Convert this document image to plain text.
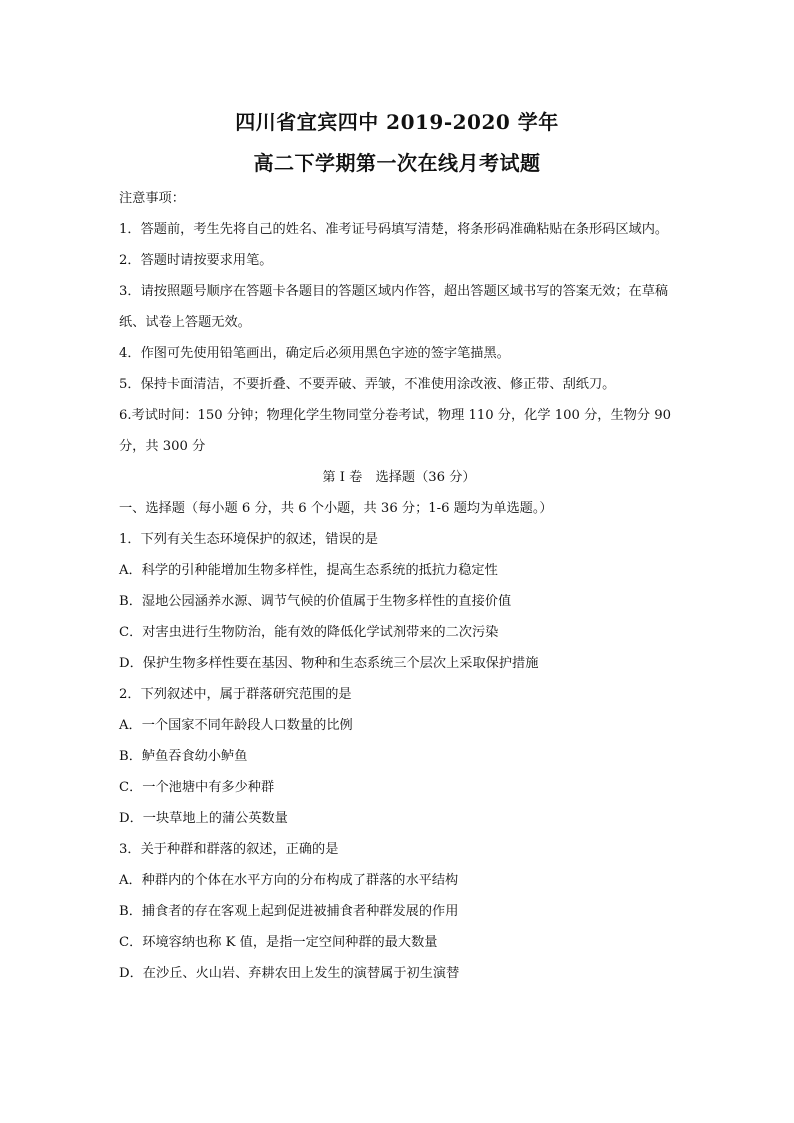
四川省宜宾四中 2019-2020 学年
高二下学期第一次在线月考试题

注意事项：

1．答题前，考生先将自己的姓名、准考证号码填写清楚，将条形码准确粘贴在条形码区域内。

2．答题时请按要求用笔。

3．请按照题号顺序在答题卡各题目的答题区域内作答，超出答题区域书写的答案无效；在草稿纸、试卷上答题无效。

4．作图可先使用铅笔画出，确定后必须用黑色字迹的签字笔描黑。

5．保持卡面清洁，不要折叠、不要弄破、弄皱，不准使用涂改液、修正带、刮纸刀。

6.考试时间：150 分钟；物理化学生物同堂分卷考试，物理 110 分，化学 100 分，生物分 90 分，共 300 分

第 I 卷　选择题（36 分）

一、选择题（每小题 6 分，共 6 个小题，共 36 分；1-6 题均为单选题。）

1．下列有关生态环境保护的叙述，错误的是

A．科学的引种能增加生物多样性，提高生态系统的抵抗力稳定性

B．湿地公园涵养水源、调节气候的价值属于生物多样性的直接价值

C．对害虫进行生物防治，能有效的降低化学试剂带来的二次污染

D．保护生物多样性要在基因、物种和生态系统三个层次上采取保护措施

2．下列叙述中，属于群落研究范围的是

A．一个国家不同年龄段人口数量的比例

B．鲈鱼吞食幼小鲈鱼

C．一个池塘中有多少种群

D．一块草地上的蒲公英数量

3．关于种群和群落的叙述，正确的是

A．种群内的个体在水平方向的分布构成了群落的水平结构

B．捕食者的存在客观上起到促进被捕食者种群发展的作用

C．环境容纳也称 K 值，是指一定空间种群的最大数量

D．在沙丘、火山岩、弃耕农田上发生的演替属于初生演替
